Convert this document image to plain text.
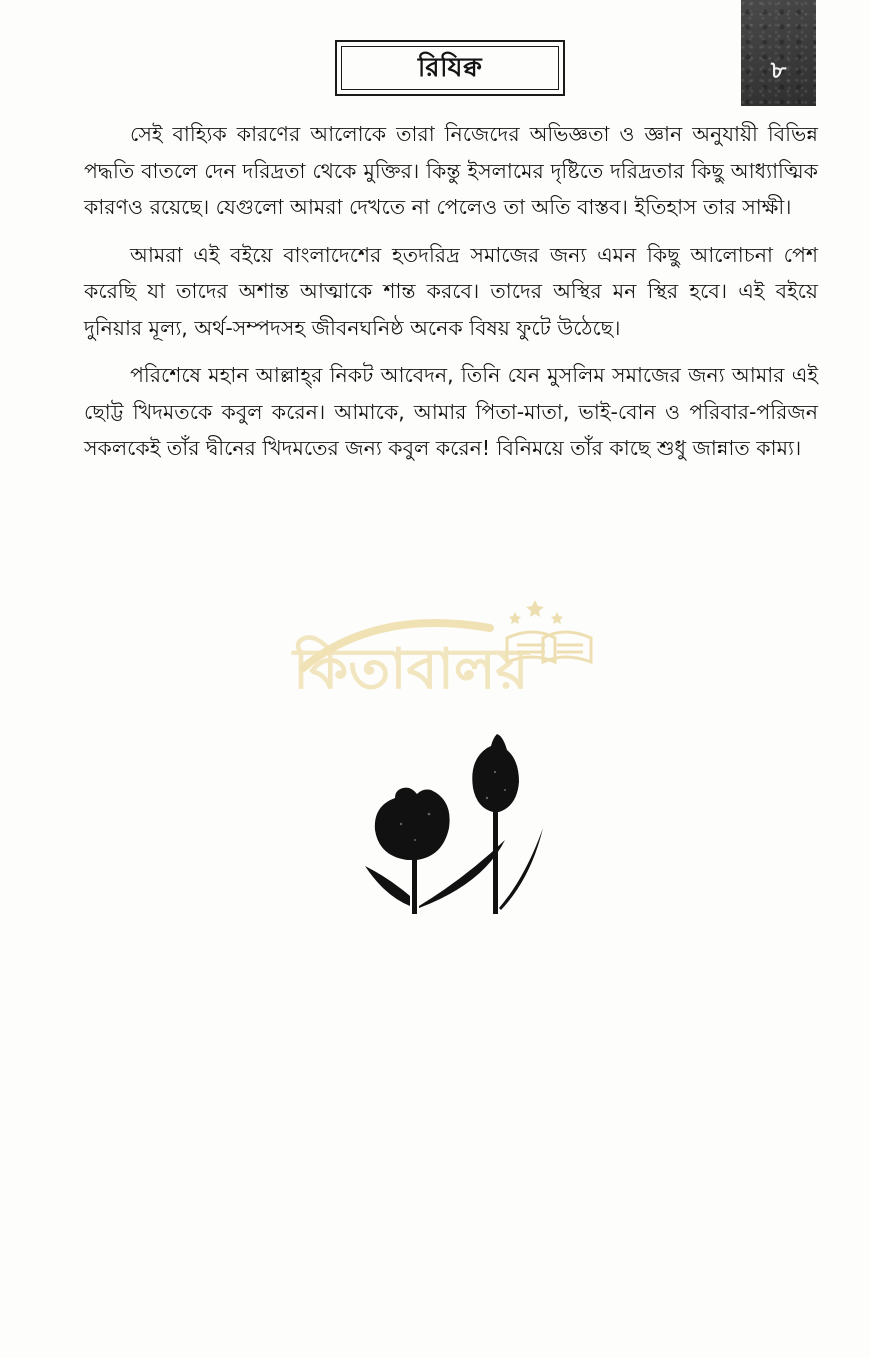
রিযিক্ব	৮

সেই বাহ্যিক কারণের আলোকে তারা নিজেদের অভিজ্ঞতা ও জ্ঞান অনুযায়ী বিভিন্ন পদ্ধতি বাতলে দেন দরিদ্রতা থেকে মুক্তির। কিন্তু ইসলামের দৃষ্টিতে দরিদ্রতার কিছু আধ্যাত্মিক কারণও রয়েছে। যেগুলো আমরা দেখতে না পেলেও তা অতি বাস্তব। ইতিহাস তার সাক্ষী।

আমরা এই বইয়ে বাংলাদেশের হতদরিদ্র সমাজের জন্য এমন কিছু আলোচনা পেশ করেছি যা তাদের অশান্ত আত্মাকে শান্ত করবে। তাদের অস্থির মন স্থির হবে। এই বইয়ে দুনিয়ার মূল্য, অর্থ-সম্পদসহ জীবনঘনিষ্ঠ অনেক বিষয় ফুটে উঠেছে।

পরিশেষে মহান আল্লাহ্‌র নিকট আবেদন, তিনি যেন মুসলিম সমাজের জন্য আমার এই ছোট্ট খিদমতকে কবুল করেন। আমাকে, আমার পিতা-মাতা, ভাই-বোন ও পরিবার-পরিজন সকলকেই তাঁর দ্বীনের খিদমতের জন্য কবুল করেন! বিনিময়ে তাঁর কাছে শুধু জান্নাত কাম্য।

কিতাবালয়
